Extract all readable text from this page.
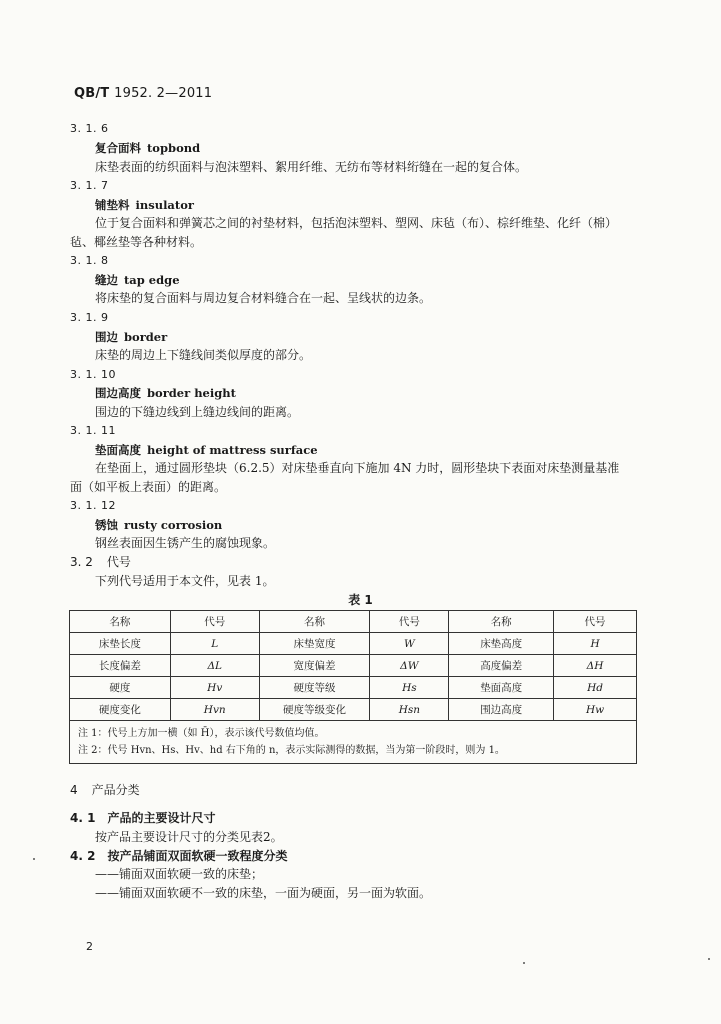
QB/T 1952. 2—2011
3. 1. 6
复合面料 topbond
床垫表面的纺织面料与泡沫塑料、絮用纤维、无纺布等材料绗缝在一起的复合体。
3. 1. 7
铺垫料 insulator
位于复合面料和弹簧芯之间的衬垫材料，包括泡沫塑料、塑网、床毡（布）、棕纤维垫、化纤（棉）
毡、椰丝垫等各种材料。
3. 1. 8
缝边 tap edge
将床垫的复合面料与周边复合材料缝合在一起、呈线状的边条。
3. 1. 9
围边 border
床垫的周边上下缝线间类似厚度的部分。
3. 1. 10
围边高度 border height
围边的下缝边线到上缝边线间的距离。
3. 1. 11
垫面高度 height of mattress surface
在垫面上，通过圆形垫块（6.2.5）对床垫垂直向下施加 4N 力时，圆形垫块下表面对床垫测量基准
面（如平板上表面）的距离。
3. 1. 12
锈蚀 rusty corrosion
钢丝表面因生锈产生的腐蚀现象。
3. 2 代号
下列代号适用于本文件，见表 1。
表 1
名称	代号	名称	代号	名称	代号
床垫长度	L	床垫宽度	W	床垫高度	H
长度偏差	ΔL	宽度偏差	ΔW	高度偏差	ΔH
硬度	Hv	硬度等级	Hs	垫面高度	Hd
硬度变化	Hvn	硬度等级变化	Hsn	围边高度	Hw

注 1：代号上方加一横（如 H̄），表示该代号数值均值。
注 2：代号 Hvn、Hs、Hv、hd 右下角的 n，表示实际测得的数据，当为第一阶段时，则为 1。					
4 产品分类
4. 1 产品的主要设计尺寸
按产品主要设计尺寸的分类见表2。
4. 2 按产品铺面双面软硬一致程度分类
——铺面双面软硬一致的床垫；
——铺面双面软硬不一致的床垫，一面为硬面，另一面为软面。
2
